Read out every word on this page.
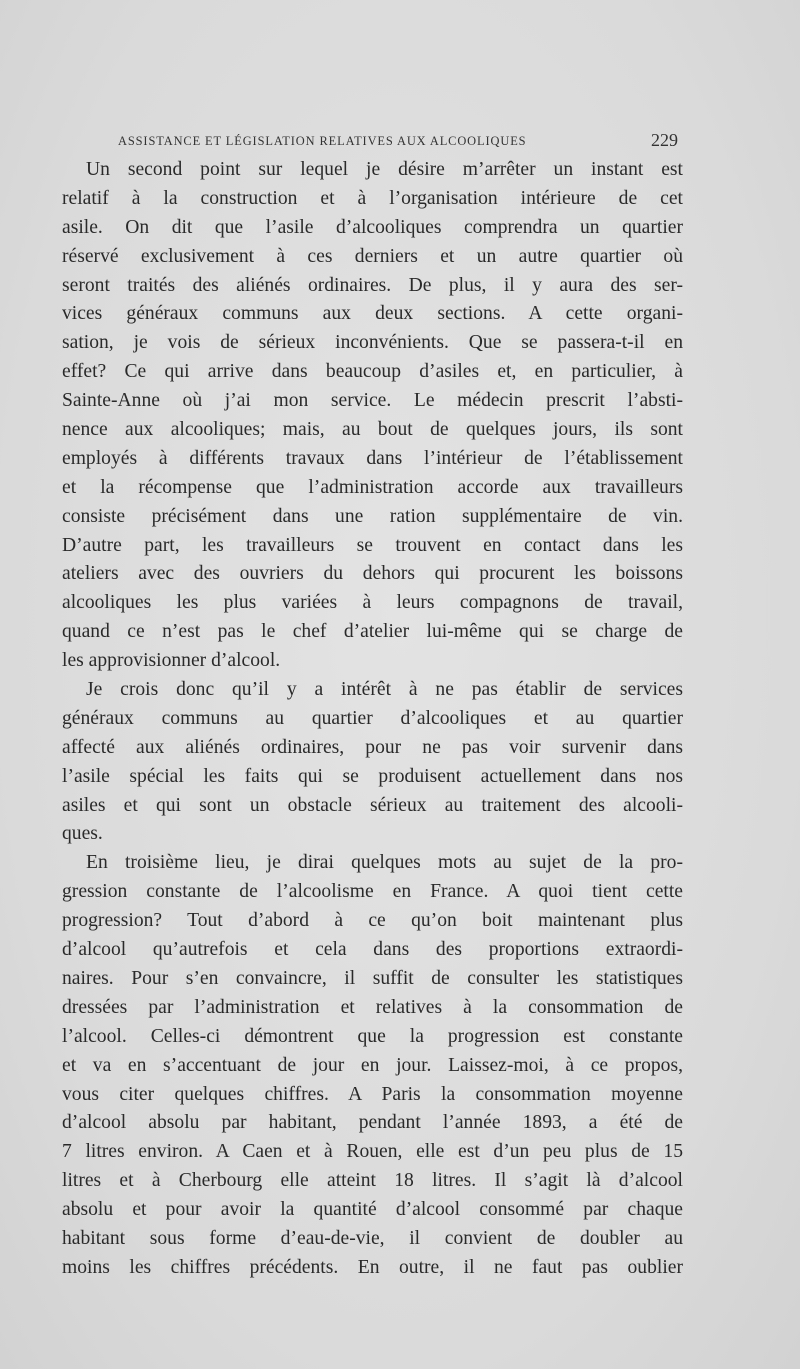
ASSISTANCE ET LÉGISLATION RELATIVES AUX ALCOOLIQUES	229
Un second point sur lequel je désire m’arrêter un instant est
relatif à la construction et à l’organisation intérieure de cet
asile. On dit que l’asile d’alcooliques comprendra un quartier
réservé exclusivement à ces derniers et un autre quartier où
seront traités des aliénés ordinaires. De plus, il y aura des ser-
vices généraux communs aux deux sections. A cette organi-
sation, je vois de sérieux inconvénients. Que se passera-t-il en
effet? Ce qui arrive dans beaucoup d’asiles et, en particulier, à
Sainte-Anne où j’ai mon service. Le médecin prescrit l’absti-
nence aux alcooliques; mais, au bout de quelques jours, ils sont
employés à différents travaux dans l’intérieur de l’établissement
et la récompense que l’administration accorde aux travailleurs
consiste précisément dans une ration supplémentaire de vin.
D’autre part, les travailleurs se trouvent en contact dans les
ateliers avec des ouvriers du dehors qui procurent les boissons
alcooliques les plus variées à leurs compagnons de travail,
quand ce n’est pas le chef d’atelier lui-même qui se charge de
les approvisionner d’alcool.
Je crois donc qu’il y a intérêt à ne pas établir de services
généraux communs au quartier d’alcooliques et au quartier
affecté aux aliénés ordinaires, pour ne pas voir survenir dans
l’asile spécial les faits qui se produisent actuellement dans nos
asiles et qui sont un obstacle sérieux au traitement des alcooli-
ques.
En troisième lieu, je dirai quelques mots au sujet de la pro-
gression constante de l’alcoolisme en France. A quoi tient cette
progression? Tout d’abord à ce qu’on boit maintenant plus
d’alcool qu’autrefois et cela dans des proportions extraordi-
naires. Pour s’en convaincre, il suffit de consulter les statistiques
dressées par l’administration et relatives à la consommation de
l’alcool. Celles-ci démontrent que la progression est constante
et va en s’accentuant de jour en jour. Laissez-moi, à ce propos,
vous citer quelques chiffres. A Paris la consommation moyenne
d’alcool absolu par habitant, pendant l’année 1893, a été de
7 litres environ. A Caen et à Rouen, elle est d’un peu plus de 15
litres et à Cherbourg elle atteint 18 litres. Il s’agit là d’alcool
absolu et pour avoir la quantité d’alcool consommé par chaque
habitant sous forme d’eau-de-vie, il convient de doubler au
moins les chiffres précédents. En outre, il ne faut pas oublier
